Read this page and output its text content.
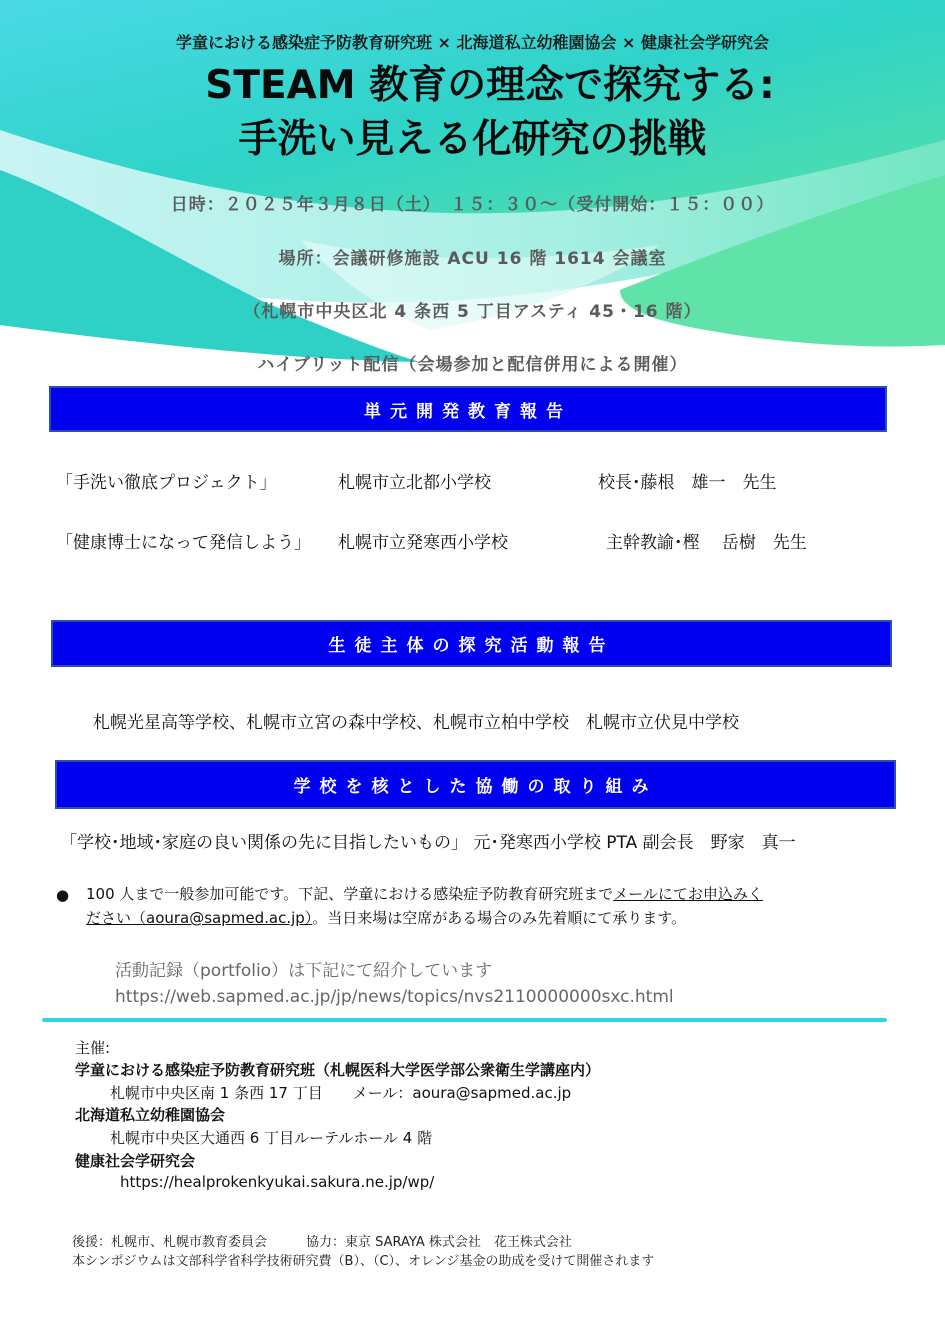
学童における感染症予防教育研究班 × 北海道私立幼稚園協会 × 健康社会学研究会
STEAM 教育の理念で探究する:
手洗い見える化研究の挑戦
日時：２０２５年３月８日（土）　１５：３０～（受付開始：１５：００）
場所：会議研修施設 ACU 16 階 1614 会議室
（札幌市中央区北 4 条西 5 丁目アスティ 45・16 階）
ハイブリット配信（会場参加と配信併用による開催）
単元開発教育報告
「手洗い徹底プロジェクト」	札幌市立北都小学校	校長･藤根　雄一　先生
「健康博士になって発信しよう」 札幌市立発寒西小学校	主幹教諭･樫　 岳樹　先生
生徒主体の探究活動報告
札幌光星高等学校、札幌市立宮の森中学校、札幌市立柏中学校　札幌市立伏見中学校
学校を核とした協働の取り組み
「学校･地域･家庭の良い関係の先に目指したいもの」 元･発寒西小学校 PTA 副会長　野家　真一
● 100 人まで一般参加可能です。下記、学童における感染症予防教育研究班までメールにてお申込みく
ださい（aoura@sapmed.ac.jp）。当日来場は空席がある場合のみ先着順にて承ります。
活動記録（portfolio）は下記にて紹介しています
https://web.sapmed.ac.jp/jp/news/topics/nvs2110000000sxc.html
主催:
学童における感染症予防教育研究班（札幌医科大学医学部公衆衛生学講座内）
札幌市中央区南 1 条西 17 丁目　　メール：aoura@sapmed.ac.jp
北海道私立幼稚園協会
札幌市中央区大通西 6 丁目ルーテルホール 4 階
健康社会学研究会
https://healprokenkyukai.sakura.ne.jp/wp/
後援：札幌市、札幌市教育委員会　　　協力：東京 SARAYA 株式会社　花王株式会社
本シンポジウムは文部科学省科学技術研究費（B）、（C）、オレンジ基金の助成を受けて開催されます
